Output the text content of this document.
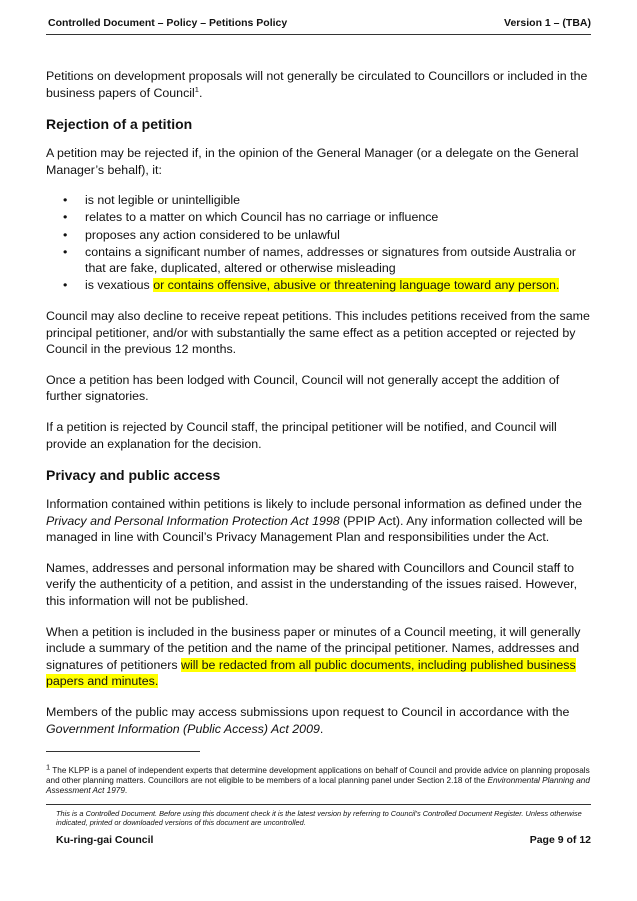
Controlled Document – Policy – Petitions Policy	Version 1 – (TBA)

Petitions on development proposals will not generally be circulated to Councillors or included in the business papers of Council$^1$.

Rejection of a petition

A petition may be rejected if, in the opinion of the General Manager (or a delegate on the General Manager’s behalf), it:

• is not legible or unintelligible
• relates to a matter on which Council has no carriage or influence
• proposes any action considered to be unlawful
• contains a significant number of names, addresses or signatures from outside Australia or that are fake, duplicated, altered or otherwise misleading
• is vexatious or contains offensive, abusive or threatening language toward any person.

Council may also decline to receive repeat petitions. This includes petitions received from the same principal petitioner, and/or with substantially the same effect as a petition accepted or rejected by Council in the previous 12 months.

Once a petition has been lodged with Council, Council will not generally accept the addition of further signatories.

If a petition is rejected by Council staff, the principal petitioner will be notified, and Council will provide an explanation for the decision.

Privacy and public access

Information contained within petitions is likely to include personal information as defined under the Privacy and Personal Information Protection Act 1998 (PPIP Act). Any information collected will be managed in line with Council’s Privacy Management Plan and responsibilities under the Act.

Names, addresses and personal information may be shared with Councillors and Council staff to verify the authenticity of a petition, and assist in the understanding of the issues raised. However, this information will not be published.

When a petition is included in the business paper or minutes of a Council meeting, it will generally include a summary of the petition and the name of the principal petitioner. Names, addresses and signatures of petitioners will be redacted from all public documents, including published business papers and minutes.

Members of the public may access submissions upon request to Council in accordance with the Government Information (Public Access) Act 2009.

$^1$ The KLPP is a panel of independent experts that determine development applications on behalf of Council and provide advice on planning proposals and other planning matters. Councillors are not eligible to be members of a local planning panel under Section 2.18 of the Environmental Planning and Assessment Act 1979.
This is a Controlled Document. Before using this document check it is the latest version by referring to Council’s Controlled Document Register. Unless otherwise indicated, printed or downloaded versions of this document are uncontrolled.
Ku-ring-gai Council	Page 9 of 12
